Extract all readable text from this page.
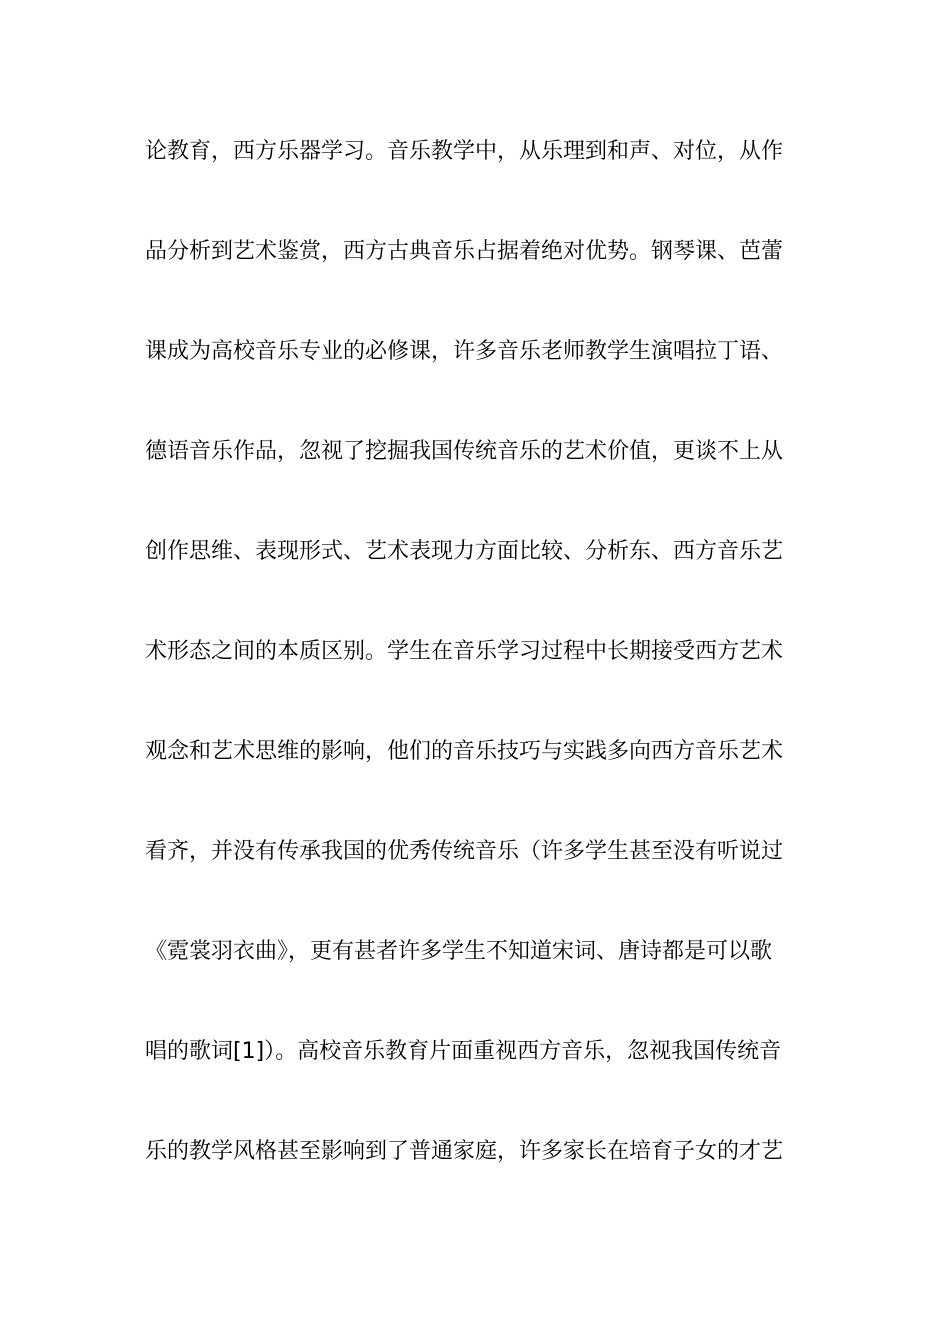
论教育，西方乐器学习。音乐教学中，从乐理到和声、对位，从作
品分析到艺术鉴赏，西方古典音乐占据着绝对优势。钢琴课、芭蕾
课成为高校音乐专业的必修课，许多音乐老师教学生演唱拉丁语、
德语音乐作品，忽视了挖掘我国传统音乐的艺术价值，更谈不上从
创作思维、表现形式、艺术表现力方面比较、分析东、西方音乐艺
术形态之间的本质区别。学生在音乐学习过程中长期接受西方艺术
观念和艺术思维的影响，他们的音乐技巧与实践多向西方音乐艺术
看齐，并没有传承我国的优秀传统音乐（许多学生甚至没有听说过
《霓裳羽衣曲》，更有甚者许多学生不知道宋词、唐诗都是可以歌
唱的歌词[1]）。高校音乐教育片面重视西方音乐，忽视我国传统音
乐的教学风格甚至影响到了普通家庭，许多家长在培育子女的才艺
